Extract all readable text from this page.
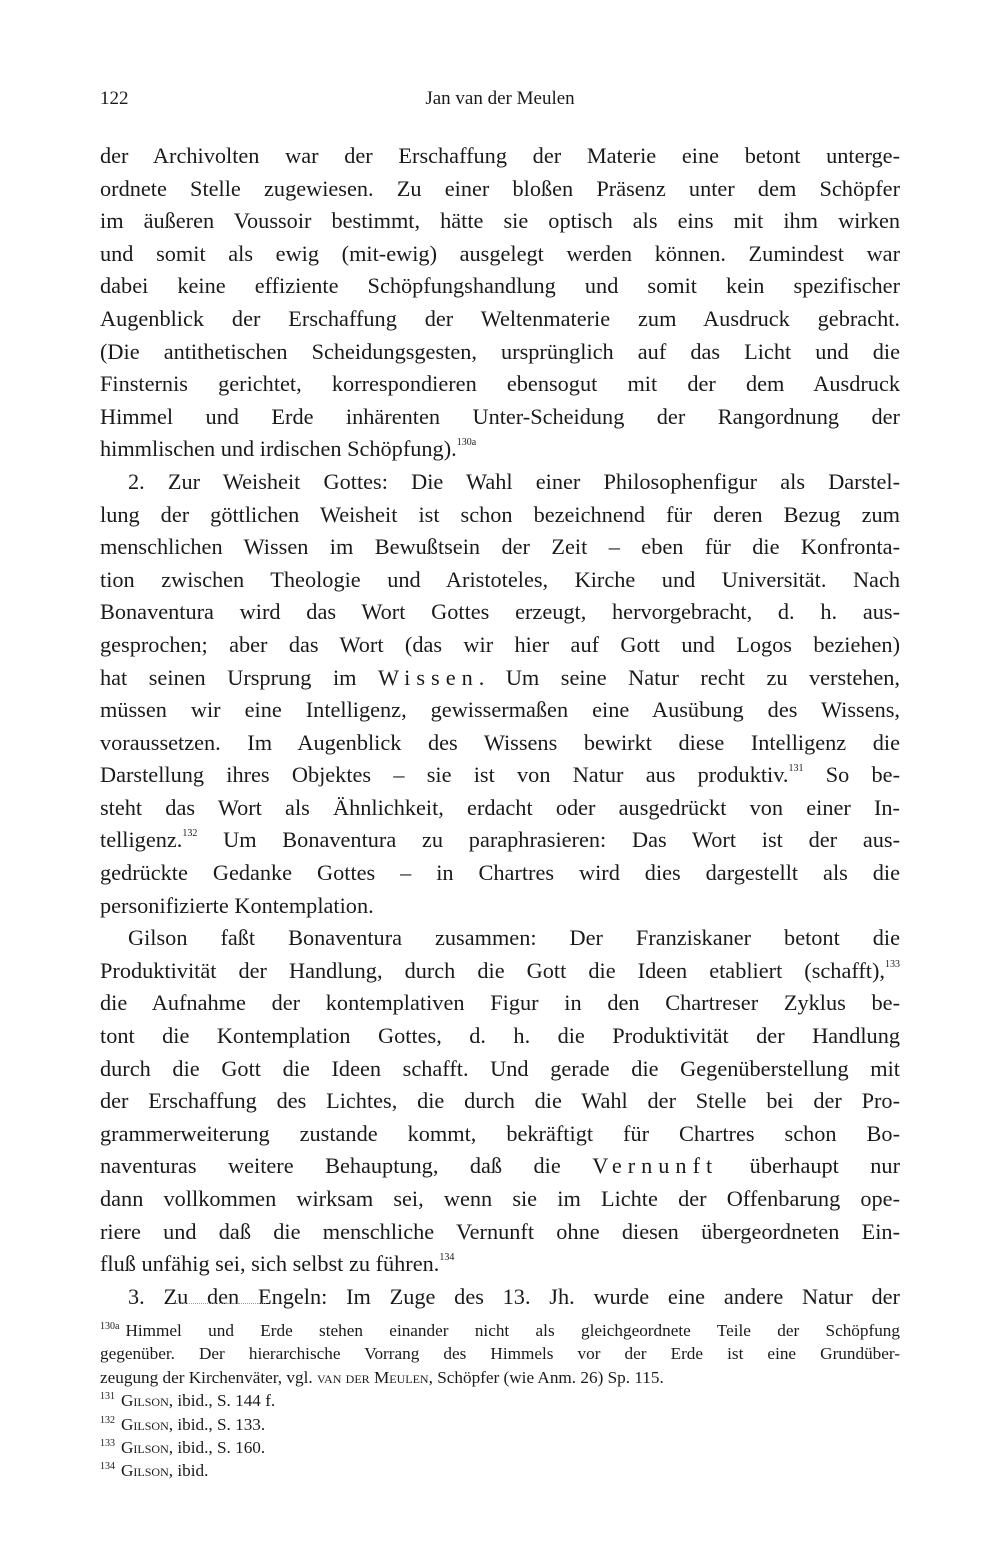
122	Jan van der Meulen
der Archivolten war der Erschaffung der Materie eine betont unterge-
ordnete Stelle zugewiesen. Zu einer bloßen Präsenz unter dem Schöpfer
im äußeren Voussoir bestimmt, hätte sie optisch als eins mit ihm wirken
und somit als ewig (mit-ewig) ausgelegt werden können. Zumindest war
dabei keine effiziente Schöpfungshandlung und somit kein spezifischer
Augenblick der Erschaffung der Weltenmaterie zum Ausdruck gebracht.
(Die antithetischen Scheidungsgesten, ursprünglich auf das Licht und die
Finsternis gerichtet, korrespondieren ebensogut mit der dem Ausdruck
Himmel und Erde inhärenten Unter-Scheidung der Rangordnung der
himmlischen und irdischen Schöpfung).$^{130a}$
2. Zur Weisheit Gottes: Die Wahl einer Philosophenfigur als Darstel-
lung der göttlichen Weisheit ist schon bezeichnend für deren Bezug zum
menschlichen Wissen im Bewußtsein der Zeit – eben für die Konfronta-
tion zwischen Theologie und Aristoteles, Kirche und Universität. Nach
Bonaventura wird das Wort Gottes erzeugt, hervorgebracht, d. h. aus-
gesprochen; aber das Wort (das wir hier auf Gott und Logos beziehen)
hat seinen Ursprung im Wissen. Um seine Natur recht zu verstehen,
müssen wir eine Intelligenz, gewissermaßen eine Ausübung des Wissens,
voraussetzen. Im Augenblick des Wissens bewirkt diese Intelligenz die
Darstellung ihres Objektes – sie ist von Natur aus produktiv.$^{131}$ So be-
steht das Wort als Ähnlichkeit, erdacht oder ausgedrückt von einer In-
telligenz.$^{132}$ Um Bonaventura zu paraphrasieren: Das Wort ist der aus-
gedrückte Gedanke Gottes – in Chartres wird dies dargestellt als die
personifizierte Kontemplation.
Gilson faßt Bonaventura zusammen: Der Franziskaner betont die
Produktivität der Handlung, durch die Gott die Ideen etabliert (schafft),$^{133}$
die Aufnahme der kontemplativen Figur in den Chartreser Zyklus be-
tont die Kontemplation Gottes, d. h. die Produktivität der Handlung
durch die Gott die Ideen schafft. Und gerade die Gegenüberstellung mit
der Erschaffung des Lichtes, die durch die Wahl der Stelle bei der Pro-
grammerweiterung zustande kommt, bekräftigt für Chartres schon Bo-
naventuras weitere Behauptung, daß die Vernunft überhaupt nur
dann vollkommen wirksam sei, wenn sie im Lichte der Offenbarung ope-
riere und daß die menschliche Vernunft ohne diesen übergeordneten Ein-
fluß unfähig sei, sich selbst zu führen.$^{134}$
3. Zu den Engeln: Im Zuge des 13. Jh. wurde eine andere Natur der
$^{130a}$ Himmel und Erde stehen einander nicht als gleichgeordnete Teile der Schöpfung
gegenüber. Der hierarchische Vorrang des Himmels vor der Erde ist eine Grundüber-
zeugung der Kirchenväter, vgl. van der Meulen, Schöpfer (wie Anm. 26) Sp. 115.
$^{131}$ Gilson, ibid., S. 144 f.
$^{132}$ Gilson, ibid., S. 133.
$^{133}$ Gilson, ibid., S. 160.
$^{134}$ Gilson, ibid.
